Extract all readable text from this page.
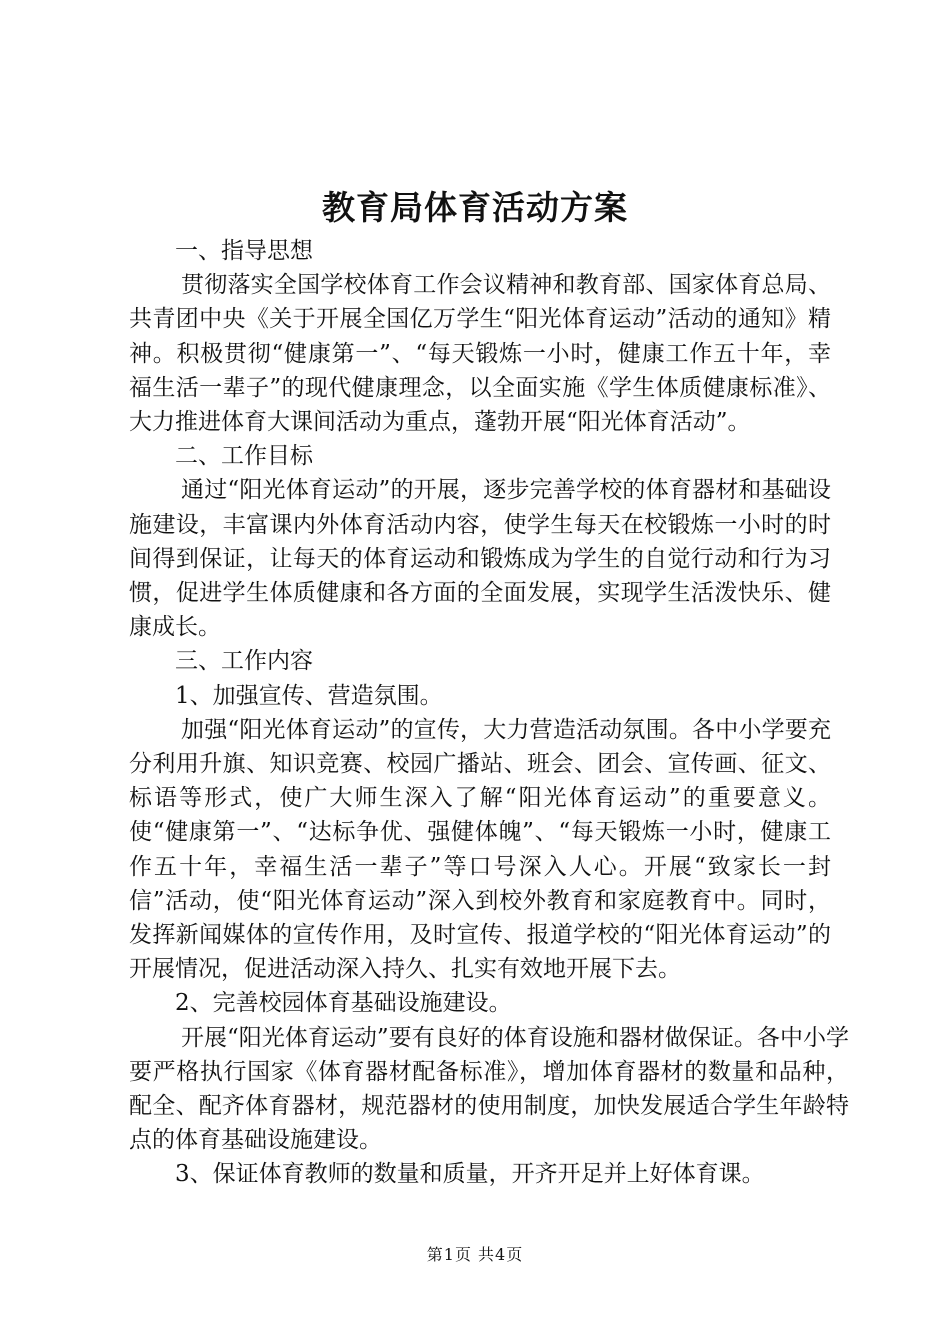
教育局体育活动方案

一、指导思想

贯彻落实全国学校体育工作会议精神和教育部、国家体育总局、共青团中央《关于开展全国亿万学生“阳光体育运动”活动的通知》精神。积极贯彻“健康第一”、“每天锻炼一小时，健康工作五十年，幸福生活一辈子”的现代健康理念，以全面实施《学生体质健康标准》、大力推进体育大课间活动为重点，蓬勃开展“阳光体育活动”。

二、工作目标

通过“阳光体育运动”的开展，逐步完善学校的体育器材和基础设施建设，丰富课内外体育活动内容，使学生每天在校锻炼一小时的时间得到保证，让每天的体育运动和锻炼成为学生的自觉行动和行为习惯，促进学生体质健康和各方面的全面发展，实现学生活泼快乐、健康成长。

三、工作内容

1、加强宣传、营造氛围。

加强“阳光体育运动”的宣传，大力营造活动氛围。各中小学要充分利用升旗、知识竞赛、校园广播站、班会、团会、宣传画、征文、标语等形式，使广大师生深入了解“阳光体育运动”的重要意义。使“健康第一”、“达标争优、强健体魄”、“每天锻炼一小时，健康工作五十年，幸福生活一辈子”等口号深入人心。开展“致家长一封信”活动，使“阳光体育运动”深入到校外教育和家庭教育中。同时，发挥新闻媒体的宣传作用，及时宣传、报道学校的“阳光体育运动”的开展情况，促进活动深入持久、扎实有效地开展下去。

2、完善校园体育基础设施建设。

开展“阳光体育运动”要有良好的体育设施和器材做保证。各中小学要严格执行国家《体育器材配备标准》，增加体育器材的数量和品种，配全、配齐体育器材，规范器材的使用制度，加快发展适合学生年龄特点的体育基础设施建设。

3、保证体育教师的数量和质量，开齐开足并上好体育课。

第1页 共4页
